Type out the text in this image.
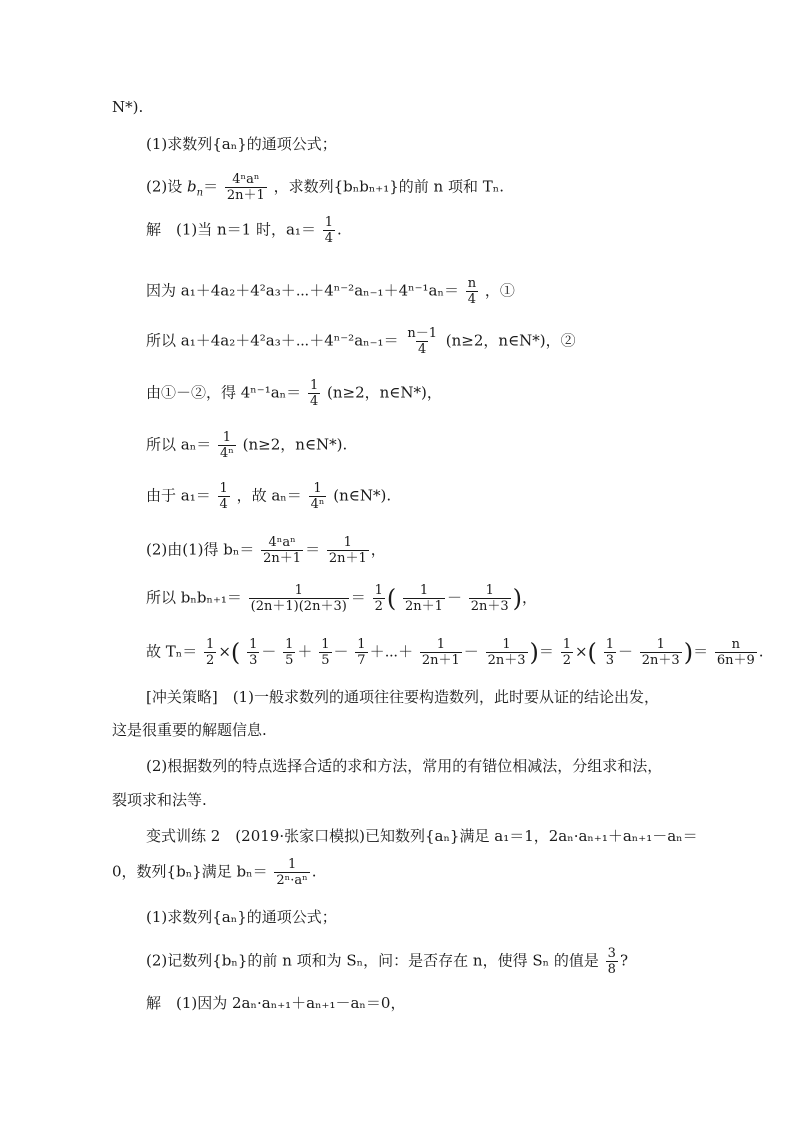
N*).
(1)求数列{aₙ}的通项公式；
(2)设 $b_n= \frac{\text{4ⁿaⁿ}}{2n+1}$ ，求数列{bₙbₙ₊₁}的前 n 项和 Tₙ.
解　(1)当 n＝1 时，$a_1= \frac{1}{4}$ .
因为 a₁＋4a₂＋4²a₃＋⋯＋4ⁿ⁻²aₙ₋₁＋4ⁿ⁻¹aₙ＝ $\frac{n}{4}$ ，①
所以 a₁＋4a₂＋4²a₃＋⋯＋4ⁿ⁻²aₙ₋₁＝ $\frac{n-1}{4} (n\ge 2$，n∈N*)，②
由①－②，得 $4^{n-1}a_n= \frac{1}{4} (n\ge 2$，n∈N*)，
所以 $a_n= \frac{1}{\text{4ⁿ}} (n\ge 2$，n∈N*).
由于 $a_1= \frac{1}{4}$ ，故 $a_n= \frac{1}{\text{4ⁿ}}$ (n∈N*).
(2)由(1)得 $b_n= \frac{\text{4ⁿaⁿ}}{2n+1} = \frac{1}{2n+1}$ ，
所以 $b_nb_{n+1}= \frac{1}{(2n+1)(2n+3)} = \frac{1}{2}$ ( $\frac{1}{2n+1} - \frac{1}{2n+3}$ )，
故 $T_n= \frac{1}{2}$ ×( $\frac{1}{3} - \frac{1}{5} + \frac{1}{5} - \frac{1}{7}$ ＋⋯＋ $\frac{1}{2n+1} - \frac{1}{2n+3}$ )＝ $\frac{1}{2}$ ×( $\frac{1}{3} - \frac{1}{2n+3}$ )＝ $\frac{n}{6n+9}$ .
[冲关策略]　(1)一般求数列的通项往往要构造数列，此时要从证的结论出发，
这是很重要的解题信息.
(2)根据数列的特点选择合适的求和方法，常用的有错位相减法，分组求和法，
裂项求和法等.
变式训练 2　(2019·张家口模拟)已知数列{aₙ}满足 a₁＝1，2aₙ·aₙ₊₁＋aₙ₊₁－aₙ＝
0，数列{bₙ}满足 $b_n= \frac{1}{\text{2ⁿ·aⁿ}}$ .
(1)求数列{aₙ}的通项公式；
(2)记数列{bₙ}的前 n 项和为 Sₙ，问：是否存在 n，使得 Sₙ 的值是 $\frac{3}{8}$ ?
解　(1)因为 2aₙ·aₙ₊₁＋aₙ₊₁－aₙ＝0，
